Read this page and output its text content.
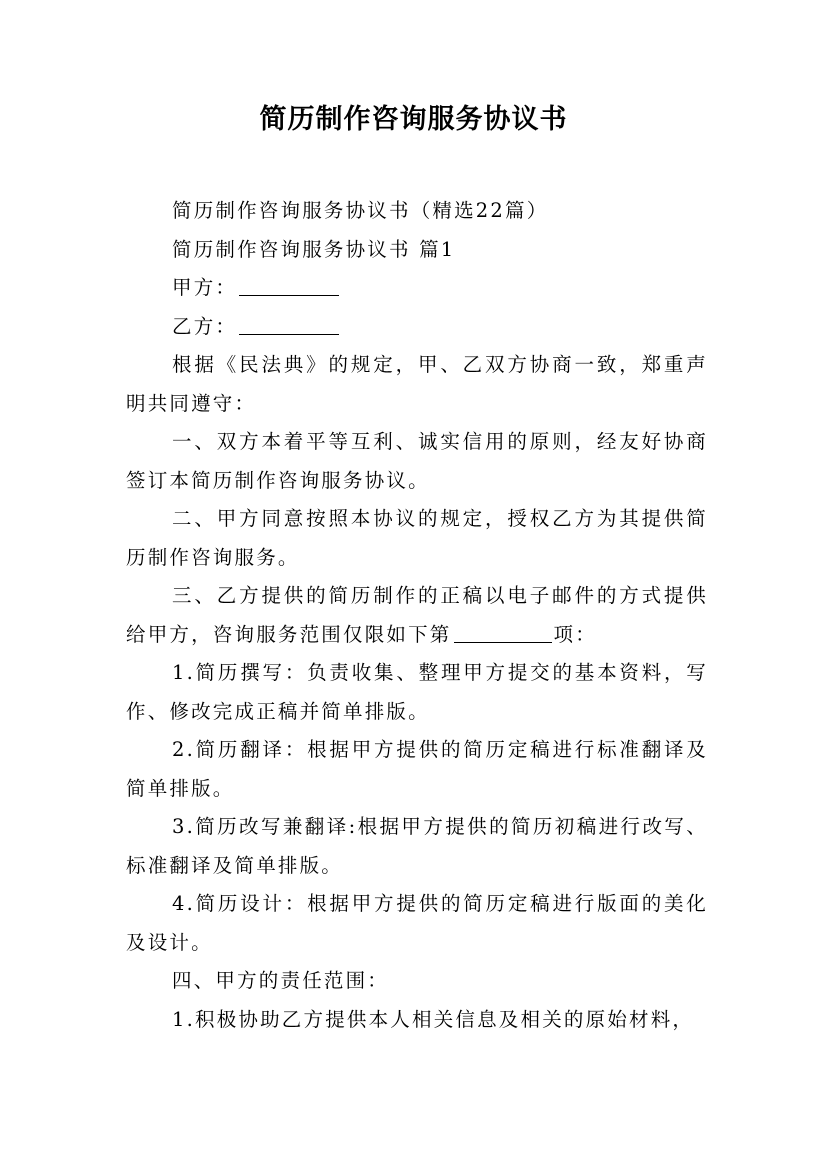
简历制作咨询服务协议书

简历制作咨询服务协议书（精选22篇）

简历制作咨询服务协议书 篇1

甲方：

乙方：

根据《民法典》的规定，甲、乙双方协商一致，郑重声明共同遵守：

一、双方本着平等互利、诚实信用的原则，经友好协商签订本简历制作咨询服务协议。

二、甲方同意按照本协议的规定，授权乙方为其提供简历制作咨询服务。

三、乙方提供的简历制作的正稿以电子邮件的方式提供给甲方，咨询服务范围仅限如下第	项：

1.简历撰写：负责收集、整理甲方提交的基本资料，写作、修改完成正稿并简单排版。

2.简历翻译：根据甲方提供的简历定稿进行标准翻译及简单排版。

3.简历改写兼翻译:根据甲方提供的简历初稿进行改写、标准翻译及简单排版。

4.简历设计：根据甲方提供的简历定稿进行版面的美化及设计。

四、甲方的责任范围：

1.积极协助乙方提供本人相关信息及相关的原始材料，
